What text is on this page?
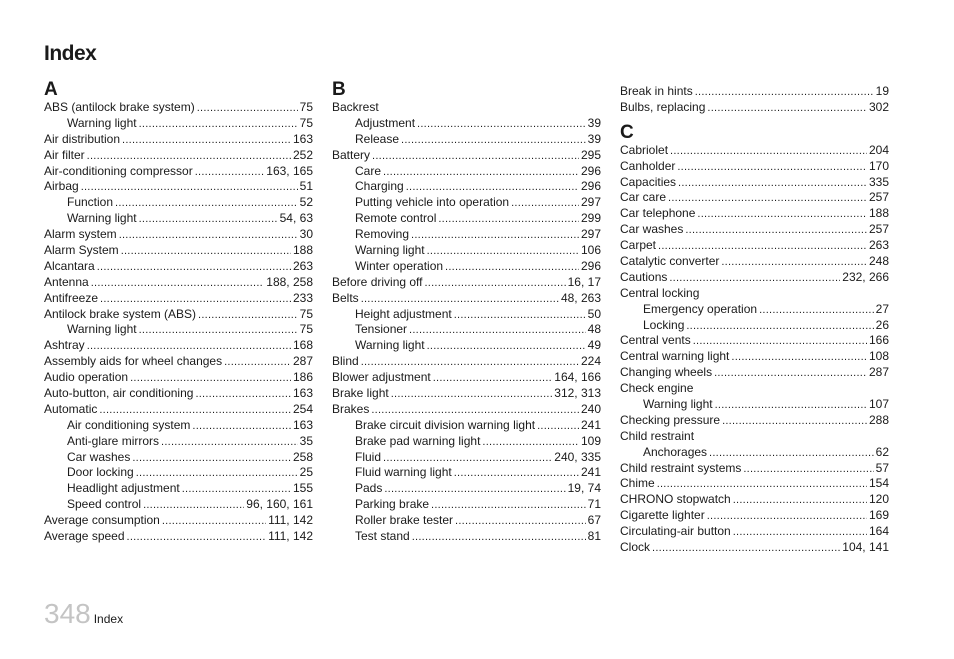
Index
A
ABS (antilock brake system) . . .	75
Warning light . . .	75
Air distribution . . .	163
Air filter . . .	252
Air-conditioning compressor . . .	163, 165
Airbag . . .	51
Function . . .	52
Warning light . . .	54, 63
Alarm system . . .	30
Alarm System . . .	188
Alcantara . . .	263
Antenna . . .	188, 258
Antifreeze . . .	233
Antilock brake system (ABS) . . .	75
Warning light . . .	75
Ashtray . . .	168
Assembly aids for wheel changes . . .	287
Audio operation . . .	186
Auto-button, air conditioning . . .	163
Automatic . . .	254
Air conditioning system . . .	163
Anti-glare mirrors . . .	35
Car washes . . .	258
Door locking . . .	25
Headlight adjustment . . .	155
Speed control . . .	96, 160, 161
Average consumption . . .	111, 142
Average speed . . .	111, 142
B
Backrest
Adjustment . . .	39
Release . . .	39
Battery . . .	295
Care . . .	296
Charging . . .	296
Putting vehicle into operation . . .	297
Remote control . . .	299
Removing . . .	297
Warning light . . .	106
Winter operation . . .	296
Before driving off . . .	16, 17
Belts . . .	48, 263
Height adjustment . . .	50
Tensioner . . .	48
Warning light . . .	49
Blind . . .	224
Blower adjustment . . .	164, 166
Brake light . . .	312, 313
Brakes . . .	240
Brake circuit division warning light . . .	241
Brake pad warning light . . .	109
Fluid . . .	240, 335
Fluid warning light . . .	241
Pads . . .	19, 74
Parking brake . . .	71
Roller brake tester . . .	67
Test stand . . .	81
Break in hints . . .	19
Bulbs, replacing . . .	302
C
Cabriolet . . .	204
Canholder . . .	170
Capacities . . .	335
Car care . . .	257
Car telephone . . .	188
Car washes . . .	257
Carpet . . .	263
Catalytic converter . . .	248
Cautions . . .	232, 266
Central locking
Emergency operation . . .	27
Locking . . .	26
Central vents . . .	166
Central warning light . . .	108
Changing wheels . . .	287
Check engine
Warning light . . .	107
Checking pressure . . .	288
Child restraint
Anchorages . . .	62
Child restraint systems . . .	57
Chime . . .	154
CHRONO stopwatch . . .	120
Cigarette lighter . . .	169
Circulating-air button . . .	164
Clock . . .	104, 141
348 Index
